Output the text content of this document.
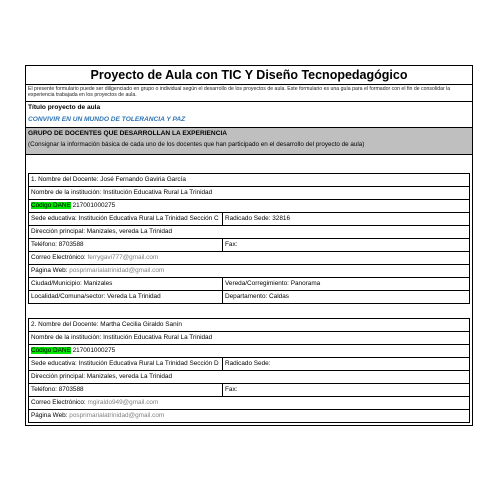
Proyecto de Aula con TIC Y Diseño Tecnopedagógico
El presente formulario puede ser diligenciado en grupo o individual según el desarrollo de los proyectos de aula. Este formulario es una guía para el formador con el fin de consolidar la experiencia trabajada en los proyectos de aula.
Título proyecto de aula
CONVIVIR EN UN MUNDO DE TOLERANCIA Y PAZ
GRUPO DE DOCENTES QUE DESARROLLAN LA EXPERIENCIA
(Consignar la información básica de cada uno de los docentes que han participado en el desarrollo del proyecto de aula)
1. Nombre del Docente: José Fernando Gaviria García
Nombre de la institución: Institución Educativa Rural La Trinidad
Código DANE 217001000275
Sede educativa: Institución Educativa Rural La Trinidad Sección C	Radicado Sede: 32816
Dirección principal: Manizales, vereda La Trinidad
Teléfono: 8703588	Fax:
Correo Electrónico: ferrygavi777@gmail.com
Página Web: posprimarialatrinidad@gmail.com
Ciudad/Municipio: Manizales	Vereda/Corregimiento: Panorama
Localidad/Comuna/sector: Vereda La Trinidad	Departamento: Caldas
2. Nombre del Docente: Martha Cecilia Giraldo Sanín
Nombre de la institución: Institución Educativa Rural La Trinidad
Código DANE 217001000275
Sede educativa: Institución Educativa Rural La Trinidad Sección D	Radicado Sede:
Dirección principal: Manizales, vereda La Trinidad
Teléfono: 8703588	Fax:
Correo Electrónico: mgiraldo949@gmail.com
Página Web: posprimarialatrinidad@gmail.com
